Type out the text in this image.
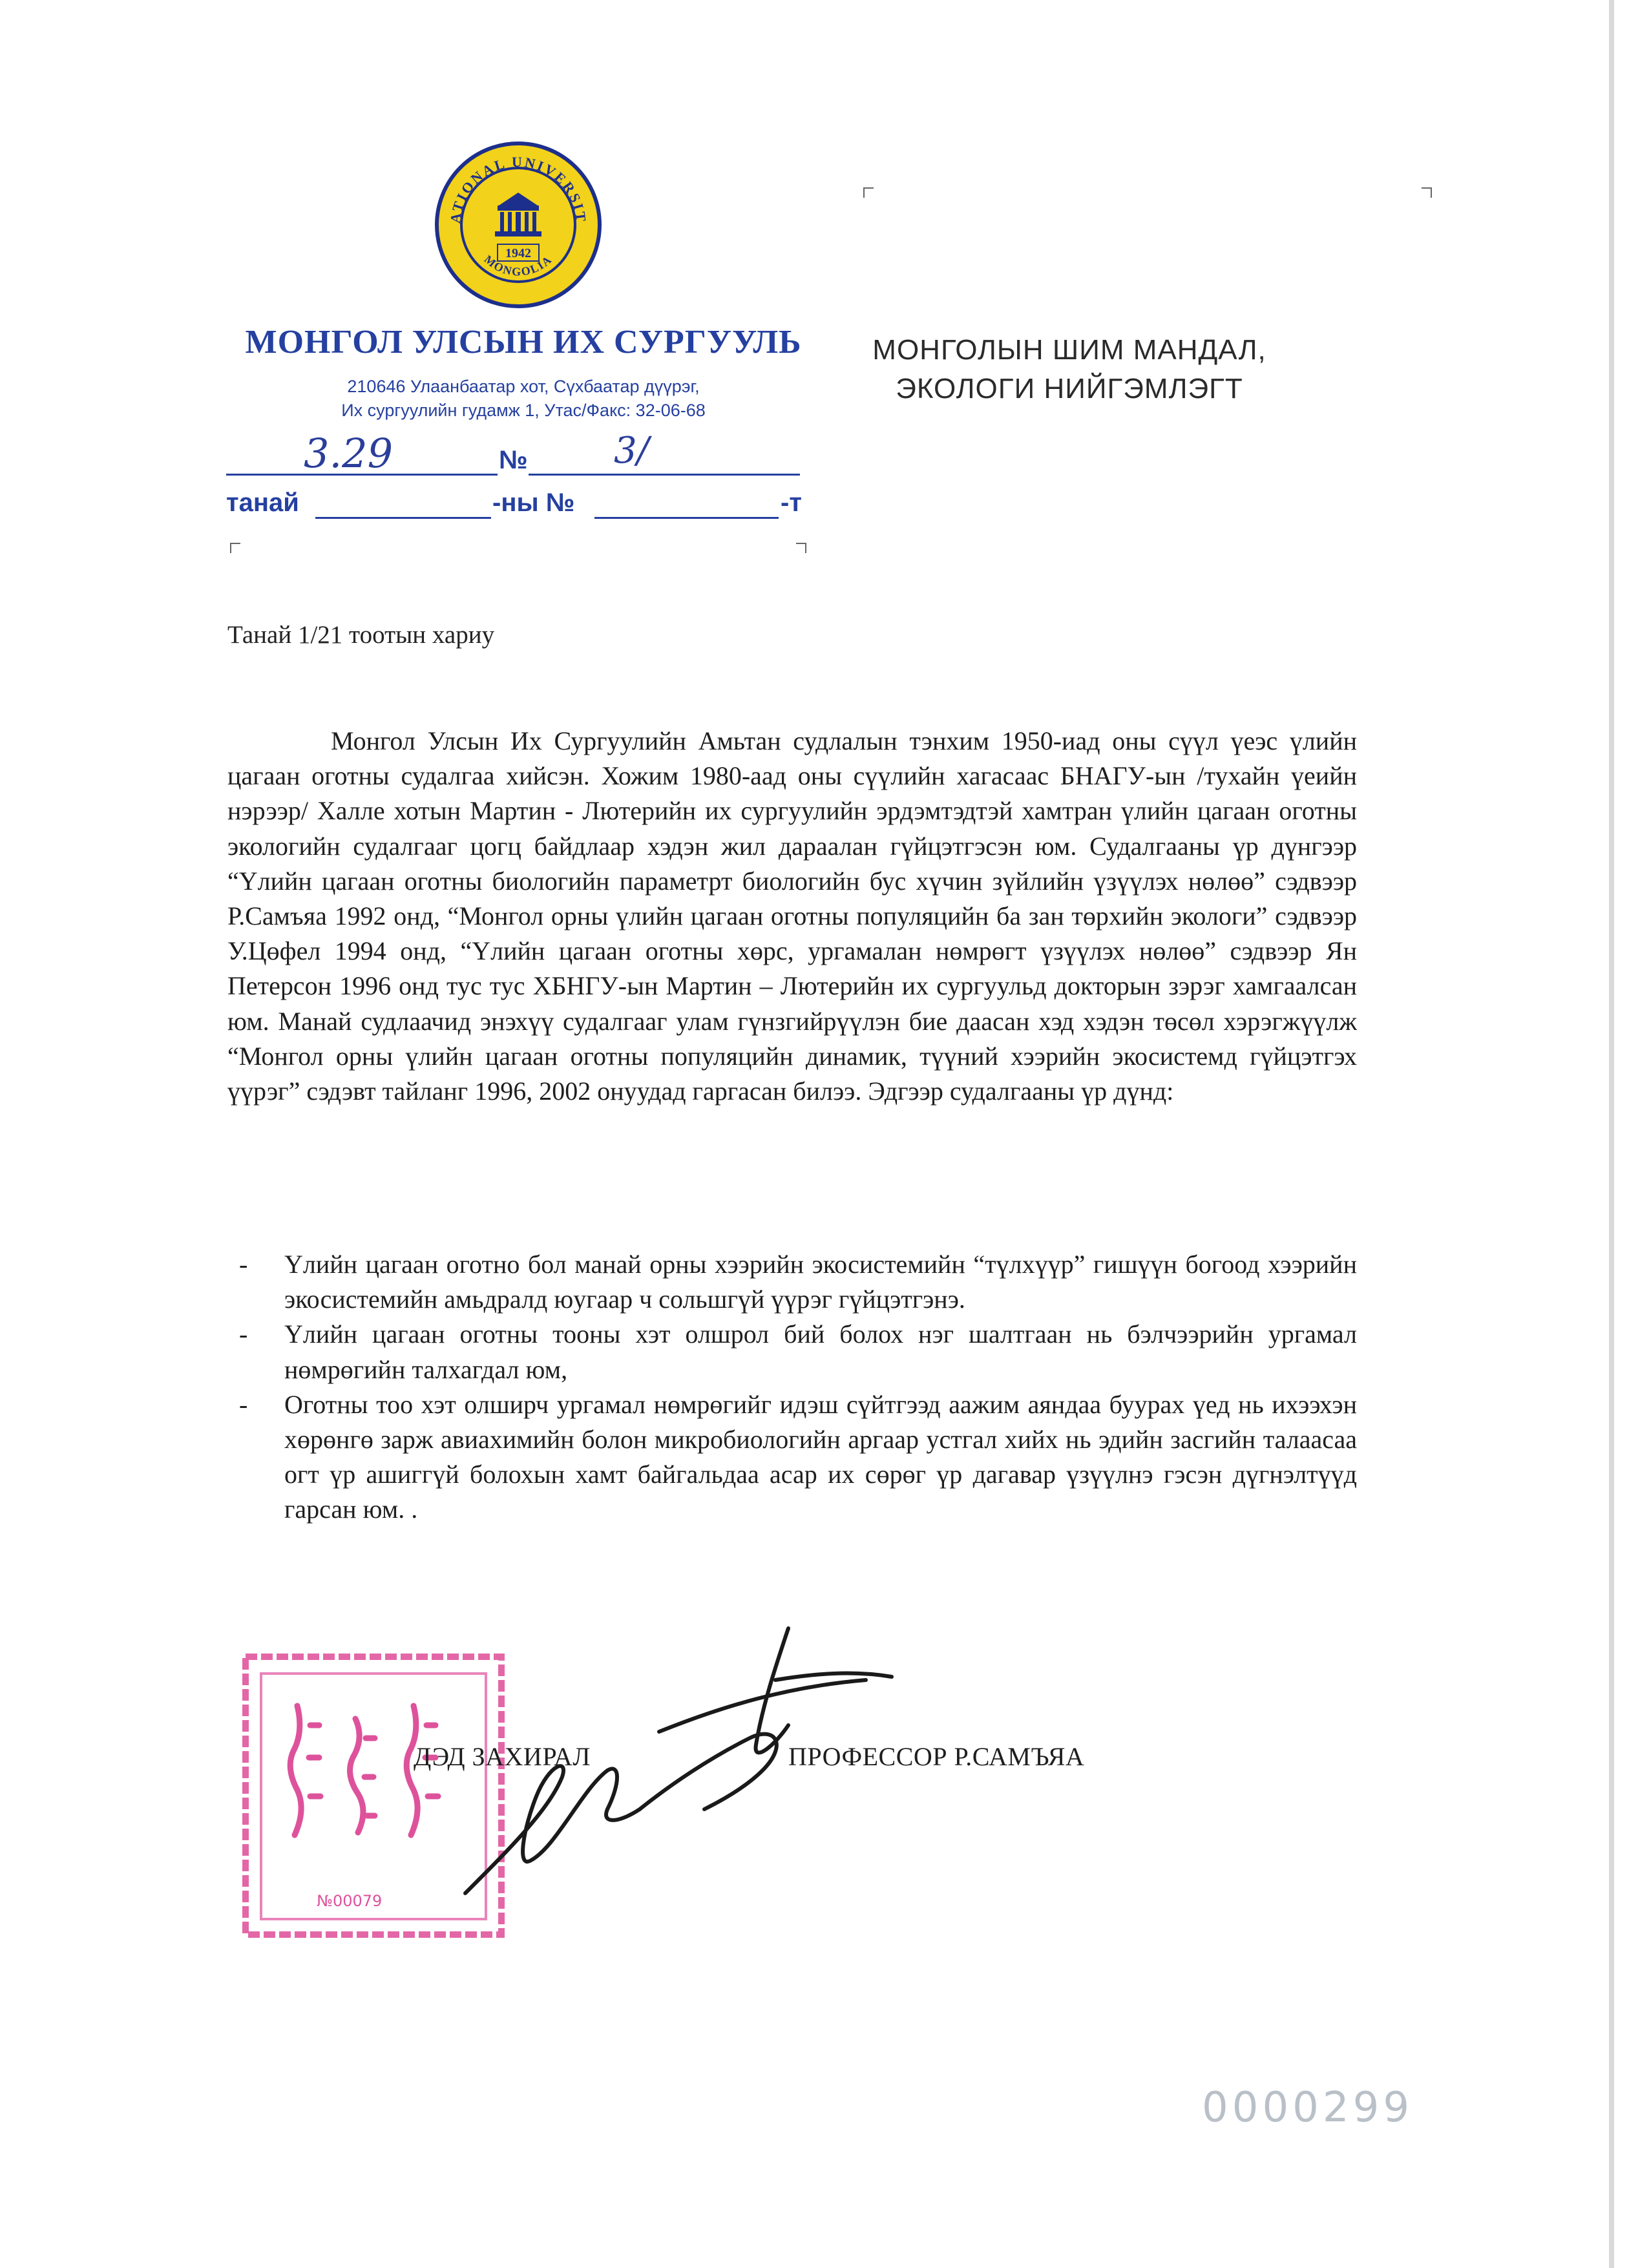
ATIONAL UNIVERSIT
MONGOLIA
1942
МОНГОЛ УЛСЫН ИХ СУРГУУЛЬ
210646 Улаанбаатар хот, Сүхбаатар дүүрэг,
Их сургуулийн гудамж 1, Утас/Факс: 32-06-68
МОНГОЛЫН ШИМ МАНДАЛ,
ЭКОЛОГИ НИЙГЭМЛЭГТ
3.29	№ 3/
танай	-ны №	-т
Танай 1/21 тоотын хариу
Монгол Улсын Их Сургуулийн Амьтан судлалын тэнхим 1950-иад оны сүүл үеэс үлийн цагаан оготны судалгаа хийсэн. Хожим 1980-аад оны сүүлийн хагасаас БНАГУ-ын /тухайн үеийн нэрээр/ Халле хотын Мартин - Лютерийн их сургуулийн эрдэмтэдтэй хамтран үлийн цагаан оготны экологийн судалгааг цогц байдлаар хэдэн жил дараалан гүйцэтгэсэн юм. Судалгааны үр дүнгээр “Үлийн цагаан оготны биологийн параметрт биологийн бус хүчин зүйлийн үзүүлэх нөлөө” сэдвээр Р.Самъяа 1992 онд, “Монгол орны үлийн цагаан оготны популяцийн ба зан төрхийн экологи” сэдвээр У.Цөфел 1994 онд, “Үлийн цагаан оготны хөрс, ургамалан нөмрөгт үзүүлэх нөлөө” сэдвээр Ян Петерсон 1996 онд тус тус ХБНГУ-ын Мартин – Лютерийн их сургуульд докторын зэрэг хамгаалсан юм. Манай судлаачид энэхүү судалгааг улам гүнзгийрүүлэн бие даасан хэд хэдэн төсөл хэрэгжүүлж “Монгол орны үлийн цагаан оготны популяцийн динамик, түүний хээрийн экосистемд гүйцэтгэх үүрэг” сэдэвт тайланг 1996, 2002 онуудад гаргасан билээ. Эдгээр судалгааны үр дүнд:
- Үлийн цагаан оготно бол манай орны хээрийн экосистемийн “түлхүүр” гишүүн богоод хээрийн экосистемийн амьдралд юугаар ч сольшгүй үүрэг гүйцэтгэнэ.
- Үлийн цагаан оготны тооны хэт олшрол бий болох нэг шалтгаан нь бэлчээрийн ургамал нөмрөгийн талхагдал юм,
- Оготны тоо хэт олширч ургамал нөмрөгийг идэш сүйтгээд аажим аяндаа буурах үед нь ихээхэн хөрөнгө зарж авиахимийн болон микробиологийн аргаар устгал хийх нь эдийн засгийн талаасаа огт үр ашиггүй болохын хамт байгальдаа асар их сөрөг үр дагавар үзүүлнэ гэсэн дүгнэлтүүд гарсан юм. .
№00079
ДЭД ЗАХИРАЛ	ПРОФЕССОР Р.САМЪЯА
0000299
